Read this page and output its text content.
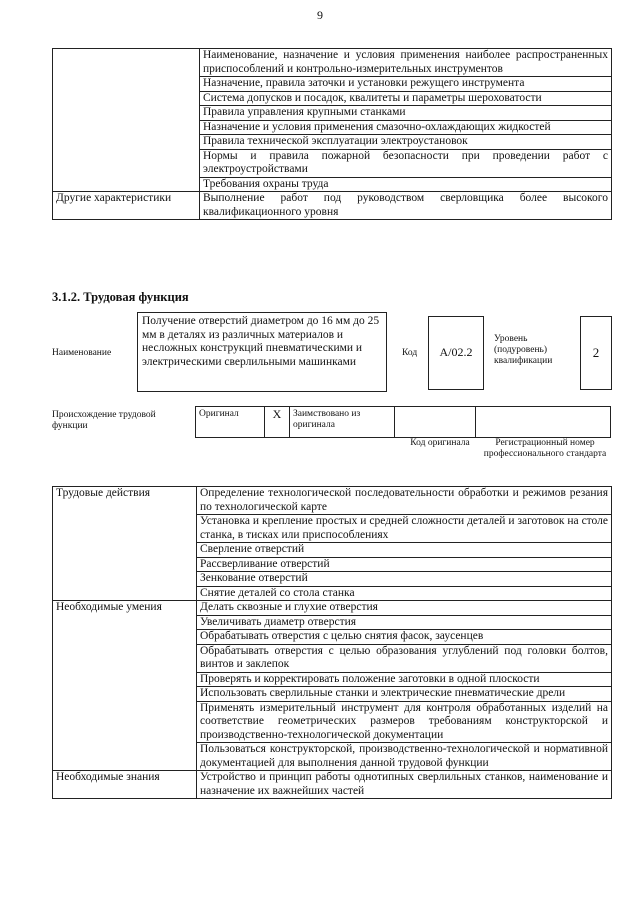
9
	Наименование, назначение и условия применения наиболее распространенных приспособлений и контрольно-измерительных инструментов
	Назначение, правила заточки и установки режущего инструмента
	Система допусков и посадок, квалитеты и параметры шероховатости
	Правила управления крупными станками
	Назначение и условия применения смазочно-охлаждающих жидкостей
	Правила технической эксплуатации электроустановок
	Нормы и правила пожарной безопасности при проведении работ с электроустройствами
	Требования охраны труда
Другие характеристики	Выполнение работ под руководством сверловщика более высокого квалификационного уровня
3.1.2. Трудовая функция
Наименование
Получение отверстий диаметром до 16 мм до 25 мм в деталях из различных материалов и несложных конструкций пневматическими и электрическими сверлильными машинками
Код	A/02.2
Уровень (подуровень) квалификации
2
Происхождение трудовой функции
Оригинал	X	Заимствовано из оригинала		
Код оригинала	Регистрационный номер профессионального стандарта
Трудовые действия	Определение технологической последовательности обработки и режимов резания по технологической карте
	Установка и крепление простых и средней сложности деталей и заготовок на столе станка, в тисках или приспособлениях
	Сверление отверстий
	Рассверливание отверстий
	Зенкование отверстий
	Снятие деталей со стола станка
Необходимые умения	Делать сквозные и глухие отверстия
	Увеличивать диаметр отверстия
	Обрабатывать отверстия с целью снятия фасок, заусенцев
	Обрабатывать отверстия с целью образования углублений под головки болтов, винтов и заклепок
	Проверять и корректировать положение заготовки в одной плоскости
	Использовать сверлильные станки и электрические пневматические дрели
	Применять измерительный инструмент для контроля обработанных изделий на соответствие геометрических размеров требованиям конструкторской и производственно-технологической документации
	Пользоваться конструкторской, производственно-технологической и нормативной документацией для выполнения данной трудовой функции
Необходимые знания	Устройство и принцип работы однотипных сверлильных станков, наименование и назначение их важнейших частей
